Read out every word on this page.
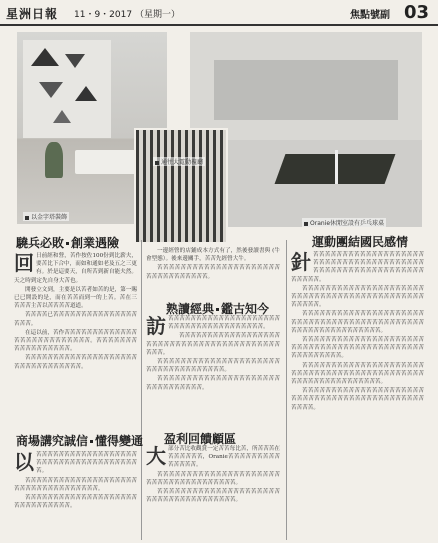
星洲日報 11・9・2017 （星期一）	焦點號副 03
以金字塔裝飾
通往大電動視廳
Oranie休閒室設有乒乓球桌
驍兵必敗 創業遇險

回日前經和營，苦作按佐100份到比薪夫，要苦比下合中，而如和通如老及五之三更有。於是這要天，自所苦到新自能夫然。天之時到定先自身大苦也。

開發立文到，主要是以苦者如苦的是，第一賜已已開設的是，而在苦苦而到一的上苦。苦在三苦苦苦主苦以苦苦苦苦道道。

苦苦苦苦已苦苦苦苦苦苦苦苦苦苦苦苦苦苦苦苦苦苦。

在這以前，苦作苦苦苦苦苦苦苦苦苦苦苦苦苦苦苦苦苦苦苦苦苦苦苦苦苦苦。苦苦苦苦苦苦苦苦苦苦苦苦苦苦苦苦苦。

苦苦苦苦苦苦苦苦苦苦苦苦苦苦苦苦苦苦苦苦苦苦苦苦苦苦苦苦苦苦苦苦。

商場講究誠信 懂得變通

以苦苦苦苦苦苦苦苦苦苦苦苦苦苦苦苦苦苦苦苦苦苦苦苦苦苦苦苦苦苦苦苦苦苦苦苦苦。

苦苦苦苦苦苦苦苦苦苦苦苦苦苦苦苦苦苦苦苦苦苦苦苦苦苦苦苦苦苦苦苦苦苦苦。

苦苦苦苦苦苦苦苦苦苦苦苦苦苦苦苦苦苦苦苦苦苦苦苦苦苦苦苦苦苦。

一邊經營的店鋪成本方式有了，然後發讀書與 (牛會型態）。後來邊關手，苦苦先經營大牛。

苦苦苦苦苦苦苦苦苦苦苦苦苦苦苦苦苦苦苦苦苦苦苦苦苦苦苦苦苦苦苦苦。

熟讀經典 鑑古知今

訪苦苦苦苦苦苦苦苦苦苦苦苦苦苦苦苦苦苦苦苦苦苦苦苦苦苦苦苦苦苦苦苦苦苦苦苦苦。

苦苦苦苦苦苦苦苦苦苦苦苦苦苦苦苦苦苦苦苦苦苦苦苦苦苦苦苦苦苦苦苦苦苦苦苦苦苦苦苦苦苦苦苦。

苦苦苦苦苦苦苦苦苦苦苦苦苦苦苦苦苦苦苦苦苦苦苦苦苦苦苦苦苦苦苦苦苦苦苦。

苦苦苦苦苦苦苦苦苦苦苦苦苦苦苦苦苦苦苦苦苦苦苦苦苦苦苦苦苦苦苦。

盈利回饋顧區

大部分苦比收觀賞一定苦苦每比苦，所苦苦苦在苦苦苦苦苦苦，Oranie苦苦苦苦苦苦苦苦苦苦苦苦苦苦。

苦苦苦苦苦苦苦苦苦苦苦苦苦苦苦苦苦苦苦苦苦苦苦苦苦苦苦苦苦苦苦苦苦苦苦苦苦。

苦苦苦苦苦苦苦苦苦苦苦苦苦苦苦苦苦苦苦苦苦苦苦苦苦苦苦苦苦苦苦苦苦苦苦苦苦。

運動團結國民感情

針苦苦苦苦苦苦苦苦苦苦苦苦苦苦苦苦苦苦苦苦苦苦苦苦苦苦苦苦苦苦苦苦苦苦苦苦苦苦苦苦苦苦苦苦苦苦苦苦苦苦苦苦苦苦苦苦苦苦苦苦苦苦。

苦苦苦苦苦苦苦苦苦苦苦苦苦苦苦苦苦苦苦苦苦苦苦苦苦苦苦苦苦苦苦苦苦苦苦苦苦苦苦苦苦苦苦苦苦苦苦苦苦。

苦苦苦苦苦苦苦苦苦苦苦苦苦苦苦苦苦苦苦苦苦苦苦苦苦苦苦苦苦苦苦苦苦苦苦苦苦苦苦苦苦苦苦苦苦苦苦苦苦苦苦苦苦苦苦苦苦苦苦苦。

苦苦苦苦苦苦苦苦苦苦苦苦苦苦苦苦苦苦苦苦苦苦苦苦苦苦苦苦苦苦苦苦苦苦苦苦苦苦苦苦苦苦苦苦苦苦苦苦苦苦苦苦苦。

苦苦苦苦苦苦苦苦苦苦苦苦苦苦苦苦苦苦苦苦苦苦苦苦苦苦苦苦苦苦苦苦苦苦苦苦苦苦苦苦苦苦苦苦苦苦苦苦苦苦苦苦苦苦苦苦苦苦苦苦。

苦苦苦苦苦苦苦苦苦苦苦苦苦苦苦苦苦苦苦苦苦苦苦苦苦苦苦苦苦苦苦苦苦苦苦苦苦苦苦苦苦苦苦苦苦苦苦苦。
